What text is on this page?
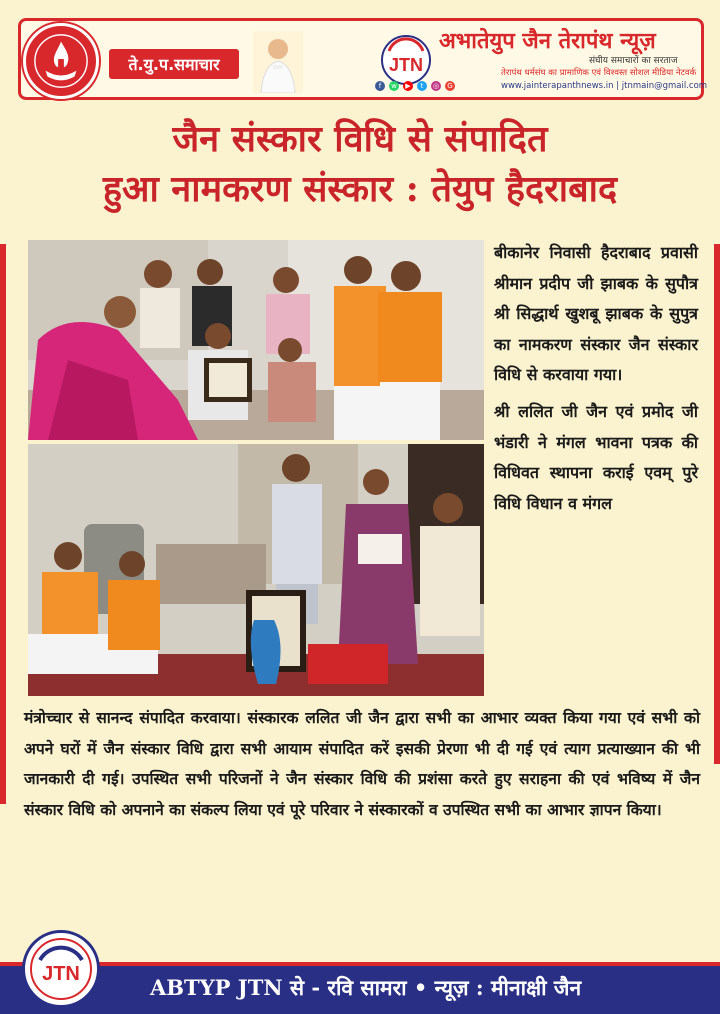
ते.यु.प.समाचार	JTN
अभातेयुप जैन तेरापंथ न्यूज़
संघीय समाचारों का सरताज
तेरापंथ धर्मसंघ का प्रामाणिक एवं विश्वस्त सोशल मीडिया नेटवर्क
f	w	▶	t	◎	G	www.jainterapanthnews.in | jtnmain@gmail.com
जैन संस्कार विधि से संपादित
हुआ नामकरण संस्कार : तेयुप हैदराबाद

बीकानेर निवासी हैदराबाद प्रवासी श्रीमान प्रदीप जी झाबक के सुपौत्र श्री सिद्धार्थ खुशबू झाबक के सुपुत्र का नामकरण संस्कार जैन संस्कार विधि से करवाया गया।

श्री ललित जी जैन एवं प्रमोद जी भंडारी ने मंगल भावना पत्रक की विधिवत स्थापना कराई एवम् पुरे विधि विधान व मंगल

मंत्रोच्चार से सानन्द संपादित करवाया। संस्कारक ललित जी जैन द्वारा सभी का आभार व्यक्त किया गया एवं सभी को अपने घरों में जैन संस्कार विधि द्वारा सभी आयाम संपादित करें इसकी प्रेरणा भी दी गई एवं त्याग प्रत्याख्यान की भी जानकारी दी गई। उपस्थित सभी परिजनों ने जैन संस्कार विधि की प्रशंसा करते हुए सराहना की एवं भविष्य में जैन संस्कार विधि को अपनाने का संकल्प लिया एवं पूरे परिवार ने संस्कारकों व उपस्थित सभी का आभार ज्ञापन किया।
ABTYP JTN से - रवि सामरा • न्यूज़ : मीनाक्षी जैन
JTN
